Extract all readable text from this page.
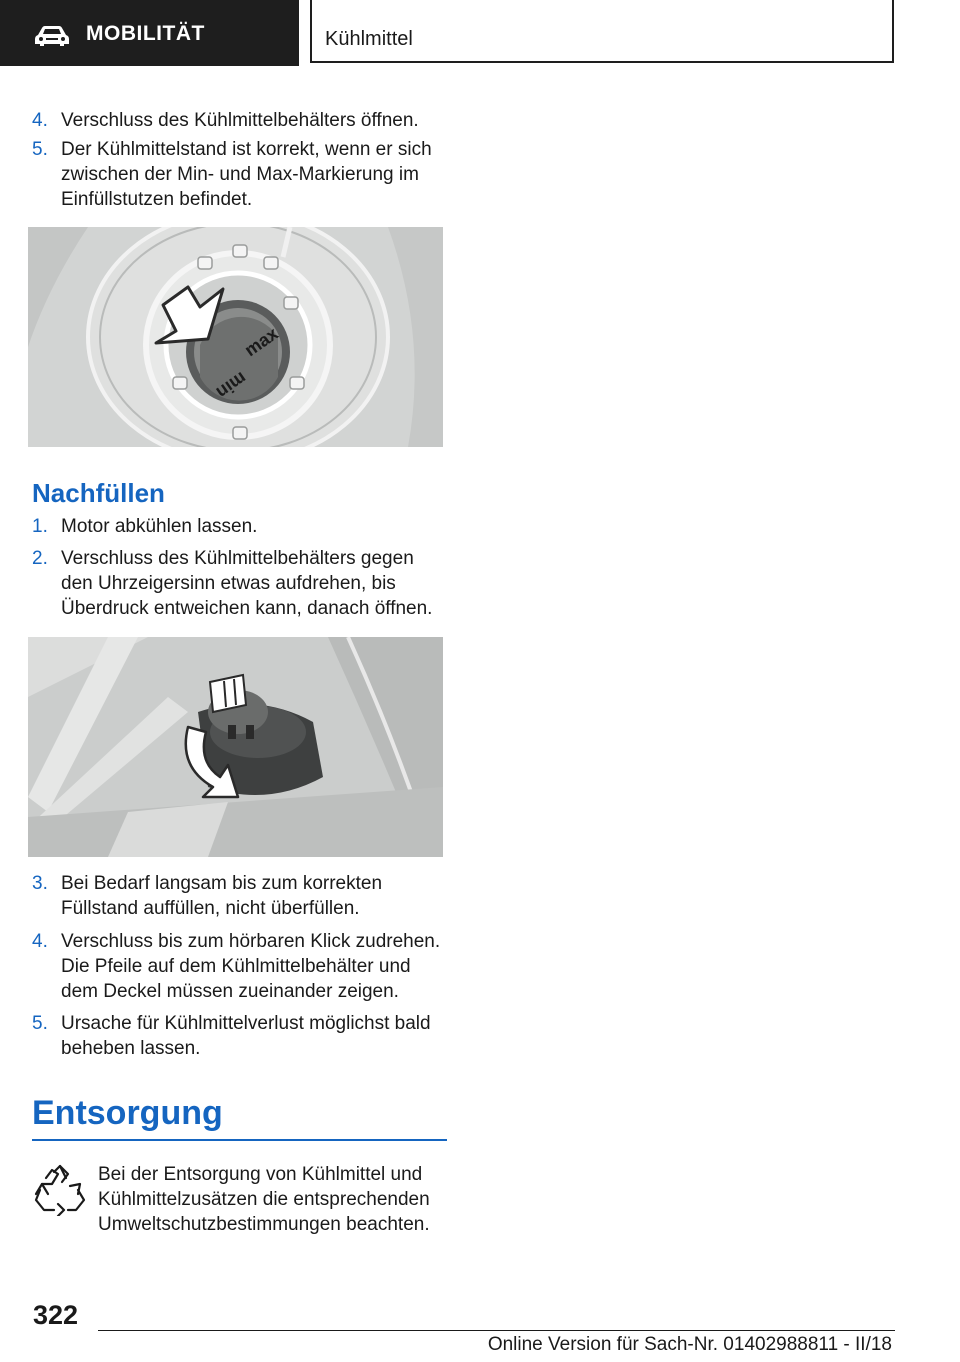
MOBILITÄT	Kühlmittel
4. Verschluss des Kühlmittelbehälters öffnen.
5. Der Kühlmittelstand ist korrekt, wenn er sich zwischen der Min- und Max-Markierung im Einfüllstutzen befindet.
max
min
Nachfüllen
1. Motor abkühlen lassen.
2. Verschluss des Kühlmittelbehälters gegen den Uhrzeigersinn etwas aufdrehen, bis Überdruck entweichen kann, danach öffnen.
3. Bei Bedarf langsam bis zum korrekten Füllstand auffüllen, nicht überfüllen.
4. Verschluss bis zum hörbaren Klick zudrehen. Die Pfeile auf dem Kühlmittelbehälter und dem Deckel müssen zueinander zeigen.
5. Ursache für Kühlmittelverlust möglichst bald beheben lassen.
Entsorgung
Bei der Entsorgung von Kühlmittel und Kühlmittelzusätzen die entsprechenden Umweltschutzbestimmungen beachten.
322
Online Version für Sach-Nr. 01402988811 - II/18
